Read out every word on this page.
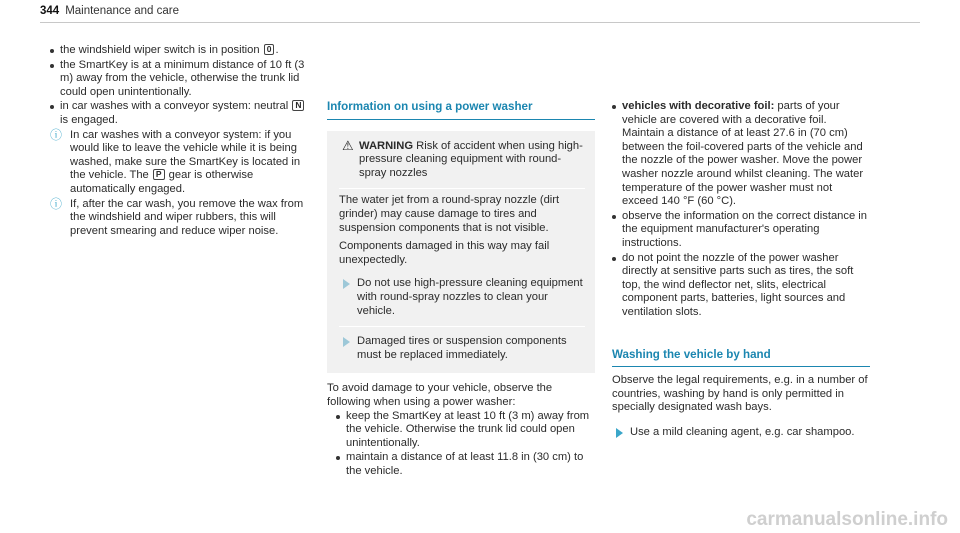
344 Maintenance and care
the windshield wiper switch is in position 0 .
the SmartKey is at a minimum distance of 10 ft (3 m) away from the vehicle, otherwise the trunk lid could open unintentionally.
in car washes with a conveyor system: neutral N is engaged.
ⓘ In car washes with a conveyor system: if you would like to leave the vehicle while it is being washed, make sure the SmartKey is located in the vehicle. The P gear is otherwise automatically engaged.
ⓘ If, after the car wash, you remove the wax from the windshield and wiper rubbers, this will prevent smearing and reduce wiper noise.
Information on using a power washer
⚠ WARNING Risk of accident when using high-pressure cleaning equipment with round-spray nozzles

The water jet from a round-spray nozzle (dirt grinder) may cause damage to tires and suspension components that is not visible.

Components damaged in this way may fail unexpectedly.

Do not use high-pressure cleaning equipment with round-spray nozzles to clean your vehicle.
Damaged tires or suspension components must be replaced immediately.

To avoid damage to your vehicle, observe the following when using a power washer:

keep the SmartKey at least 10 ft (3 m) away from the vehicle. Otherwise the trunk lid could open unintentionally.
maintain a distance of at least 11.8 in (30 cm) to the vehicle.
vehicles with decorative foil: parts of your vehicle are covered with a decorative foil. Maintain a distance of at least 27.6 in (70 cm) between the foil-covered parts of the vehicle and the nozzle of the power washer. Move the power washer nozzle around whilst cleaning. The water temperature of the power washer must not exceed 140 °F (60 °C).
observe the information on the correct distance in the equipment manufacturer's operating instructions.
do not point the nozzle of the power washer directly at sensitive parts such as tires, the soft top, the wind deflector net, slits, electrical component parts, batteries, light sources and ventilation slots.
Washing the vehicle by hand

Observe the legal requirements, e.g. in a number of countries, washing by hand is only permitted in specially designated wash bays.

Use a mild cleaning agent, e.g. car shampoo.
carmanualsonline.info
